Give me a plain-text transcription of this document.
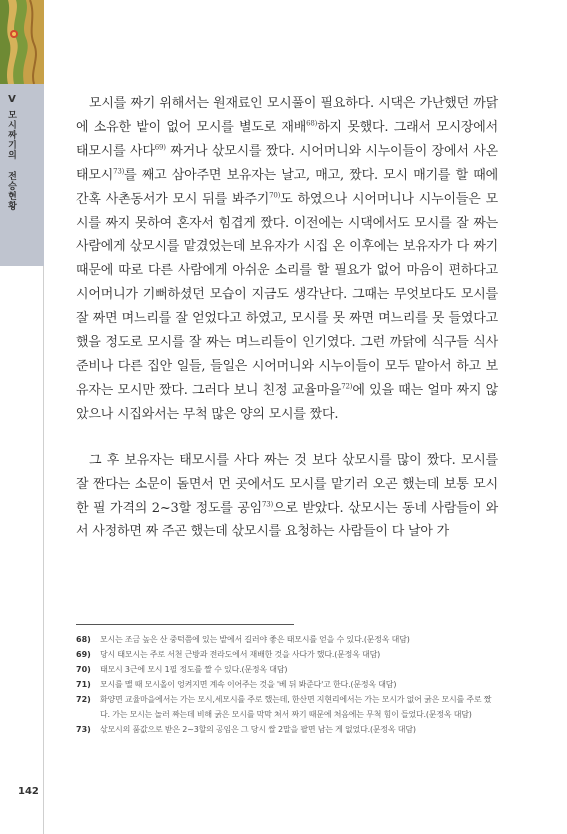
V
모시짜기의 전승현황

모시를 짜기 위해서는 원재료인 모시풀이 필요하다. 시댁은 가난했던 까닭에 소유한 밭이 없어 모시를 별도로 재배$^{68)}$하지 못했다. 그래서 모시장에서 태모시를 사다$^{69)}$ 짜거나 삯모시를 짰다. 시어머니와 시누이들이 장에서 사온 태모시$^{73)}$를 째고 삼아주면 보유자는 날고, 매고, 짰다. 모시 매기를 할 때에 간혹 사촌동서가 모시 뒤를 봐주기$^{70)}$도 하였으나 시어머니나 시누이들은 모시를 짜지 못하여 혼자서 힘겹게 짰다. 이전에는 시댁에서도 모시를 잘 짜는 사람에게 삯모시를 맡겼었는데 보유자가 시집 온 이후에는 보유자가 다 짜기 때문에 따로 다른 사람에게 아쉬운 소리를 할 필요가 없어 마음이 편하다고 시어머니가 기뻐하셨던 모습이 지금도 생각난다. 그때는 무엇보다도 모시를 잘 짜면 며느리를 잘 얻었다고 하였고, 모시를 못 짜면 며느리를 못 들였다고 했을 정도로 모시를 잘 짜는 며느리들이 인기였다. 그런 까닭에 식구들 식사준비나 다른 집안 일들, 들일은 시어머니와 시누이들이 모두 맡아서 하고 보유자는 모시만 짰다. 그러다 보니 친정 교율마을$^{72)}$에 있을 때는 얼마 짜지 않았으나 시집와서는 무척 많은 양의 모시를 짰다.

그 후 보유자는 태모시를 사다 짜는 것 보다 삯모시를 많이 짰다. 모시를 잘 짠다는 소문이 돌면서 먼 곳에서도 모시를 맡기러 오곤 했는데 보통 모시 한 필 가격의 2~3할 정도를 공임$^{73)}$으로 받았다. 삯모시는 동네 사람들이 와서 사정하면 짜 주곤 했는데 삯모시를 요청하는 사람들이 다 날아 가

68)	모시는 조금 높은 산 중턱쯤에 있는 밭에서 길러야 좋은 태모시를 얻을 수 있다.(문정옥 대담)
69)	당시 태모시는 주로 서천 근방과 전라도에서 재배한 것을 사다가 했다.(문정옥 대담)
70)	태모시 3근에 모시 1필 정도를 짤 수 있다.(문정옥 대담)
71)	모시를 맬 때 모시올이 엉켜지면 계속 이어주는 것을 '베 뒤 봐준다'고 한다.(문정옥 대담)
72)	화양면 교율마을에서는 가는 모시,세모시를 주로 했는데, 한산면 지현리에서는 가는 모시가 없어 굵은 모시를 주로 짰다. 가는 모시는 놀러 짜는데 비해 굵은 모시를 막막 쳐서 짜기 때문에 처음에는 무척 힘이 들었다.(문정옥 대담)
73)	삯모시의 품값으로 받은 2~3할의 공임은 그 당시 쌀 2말을 팔면 남는 게 없었다.(문정옥 대담)
142
